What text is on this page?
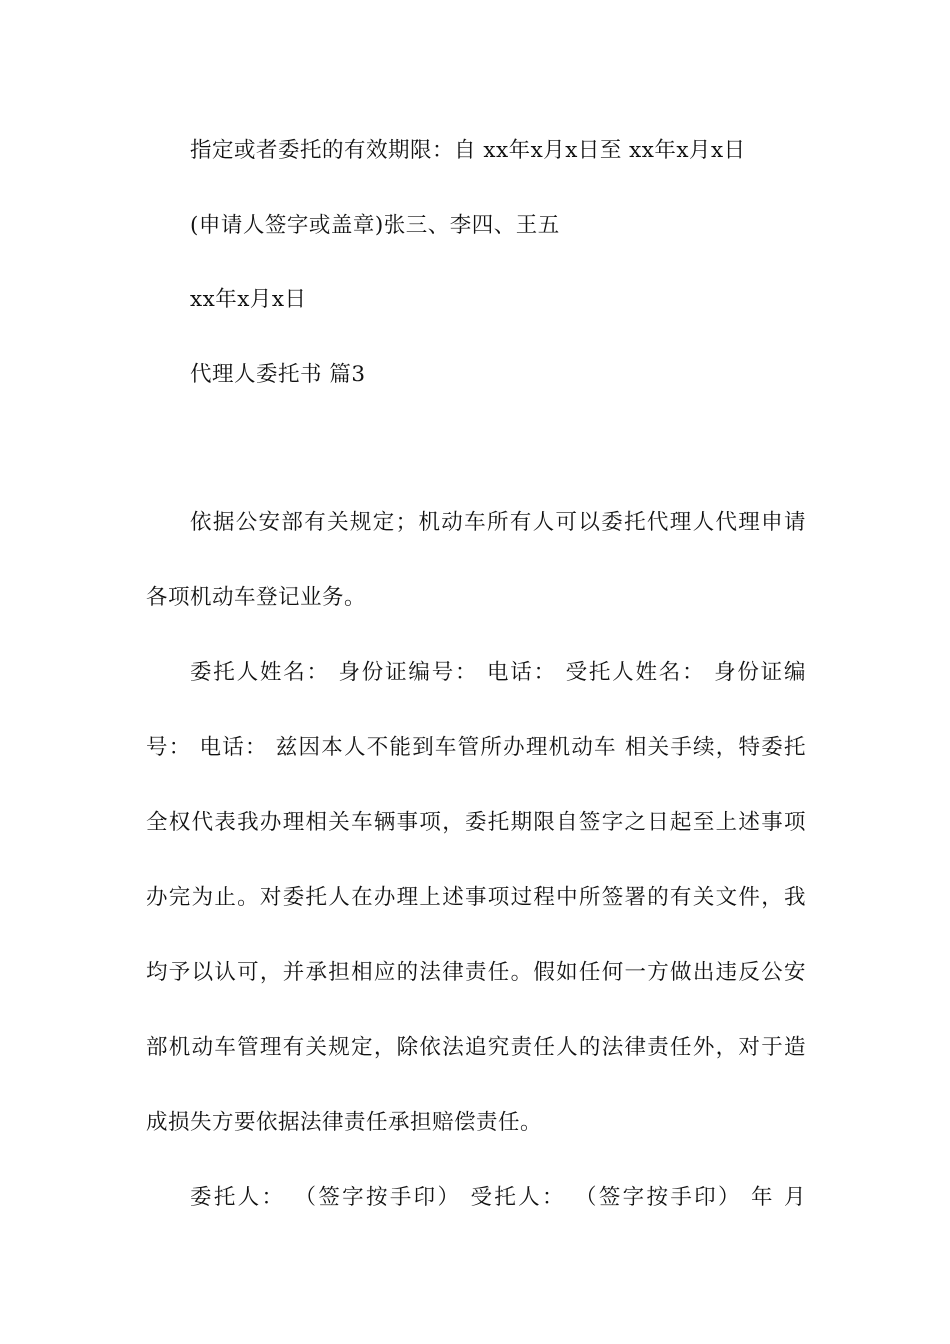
指定或者委托的有效期限：自 xx年x月x日至 xx年x月x日
(申请人签字或盖章)张三、李四、王五
xx年x月x日
代理人委托书 篇3
依据公安部有关规定；机动车所有人可以委托代理人代理申请
各项机动车登记业务。
委托人姓名： 身份证编号： 电话： 受托人姓名： 身份证编
号： 电话： 兹因本人不能到车管所办理机动车 相关手续，特委托
全权代表我办理相关车辆事项，委托期限自签字之日起至上述事项
办完为止。对委托人在办理上述事项过程中所签署的有关文件，我
均予以认可，并承担相应的法律责任。假如任何一方做出违反公安
部机动车管理有关规定，除依法追究责任人的法律责任外，对于造
成损失方要依据法律责任承担赔偿责任。
委托人： （签字按手印） 受托人： （签字按手印） 年 月
